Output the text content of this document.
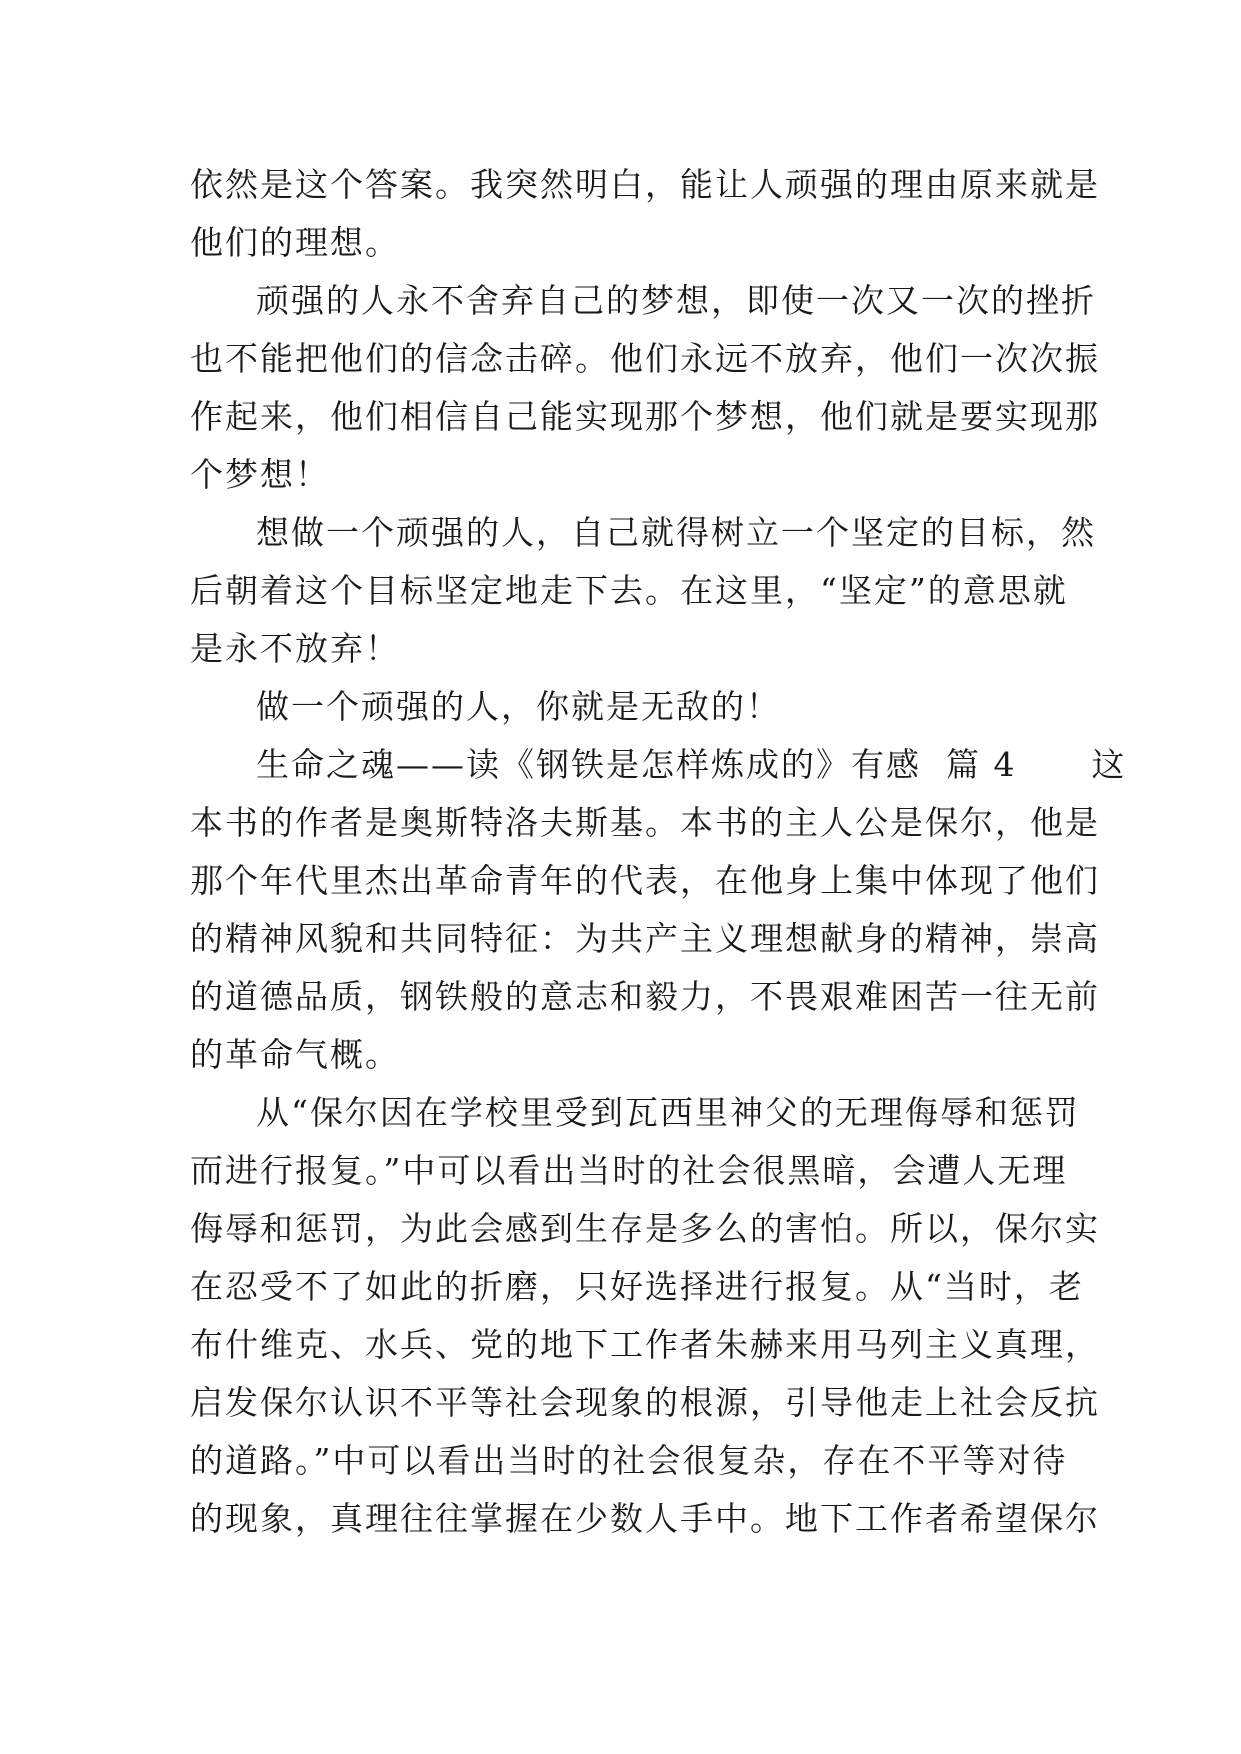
依然是这个答案。我突然明白，能让人顽强的理由原来就是
他们的理想。
顽强的人永不舍弃自己的梦想，即使一次又一次的挫折
也不能把他们的信念击碎。他们永远不放弃，他们一次次振
作起来，他们相信自己能实现那个梦想，他们就是要实现那
个梦想！
想做一个顽强的人，自己就得树立一个坚定的目标，然
后朝着这个目标坚定地走下去。在这里，“坚定”的意思就
是永不放弃！
做一个顽强的人，你就是无敌的！
生命之魂——读《钢铁是怎样炼成的》有感  篇 4      这
本书的作者是奥斯特洛夫斯基。本书的主人公是保尔，他是
那个年代里杰出革命青年的代表，在他身上集中体现了他们
的精神风貌和共同特征：为共产主义理想献身的精神，崇高
的道德品质，钢铁般的意志和毅力，不畏艰难困苦一往无前
的革命气概。
从“保尔因在学校里受到瓦西里神父的无理侮辱和惩罚
而进行报复。”中可以看出当时的社会很黑暗，会遭人无理
侮辱和惩罚，为此会感到生存是多么的害怕。所以，保尔实
在忍受不了如此的折磨，只好选择进行报复。从“当时，老
布什维克、水兵、党的地下工作者朱赫来用马列主义真理，
启发保尔认识不平等社会现象的根源，引导他走上社会反抗
的道路。”中可以看出当时的社会很复杂，存在不平等对待
的现象，真理往往掌握在少数人手中。地下工作者希望保尔
